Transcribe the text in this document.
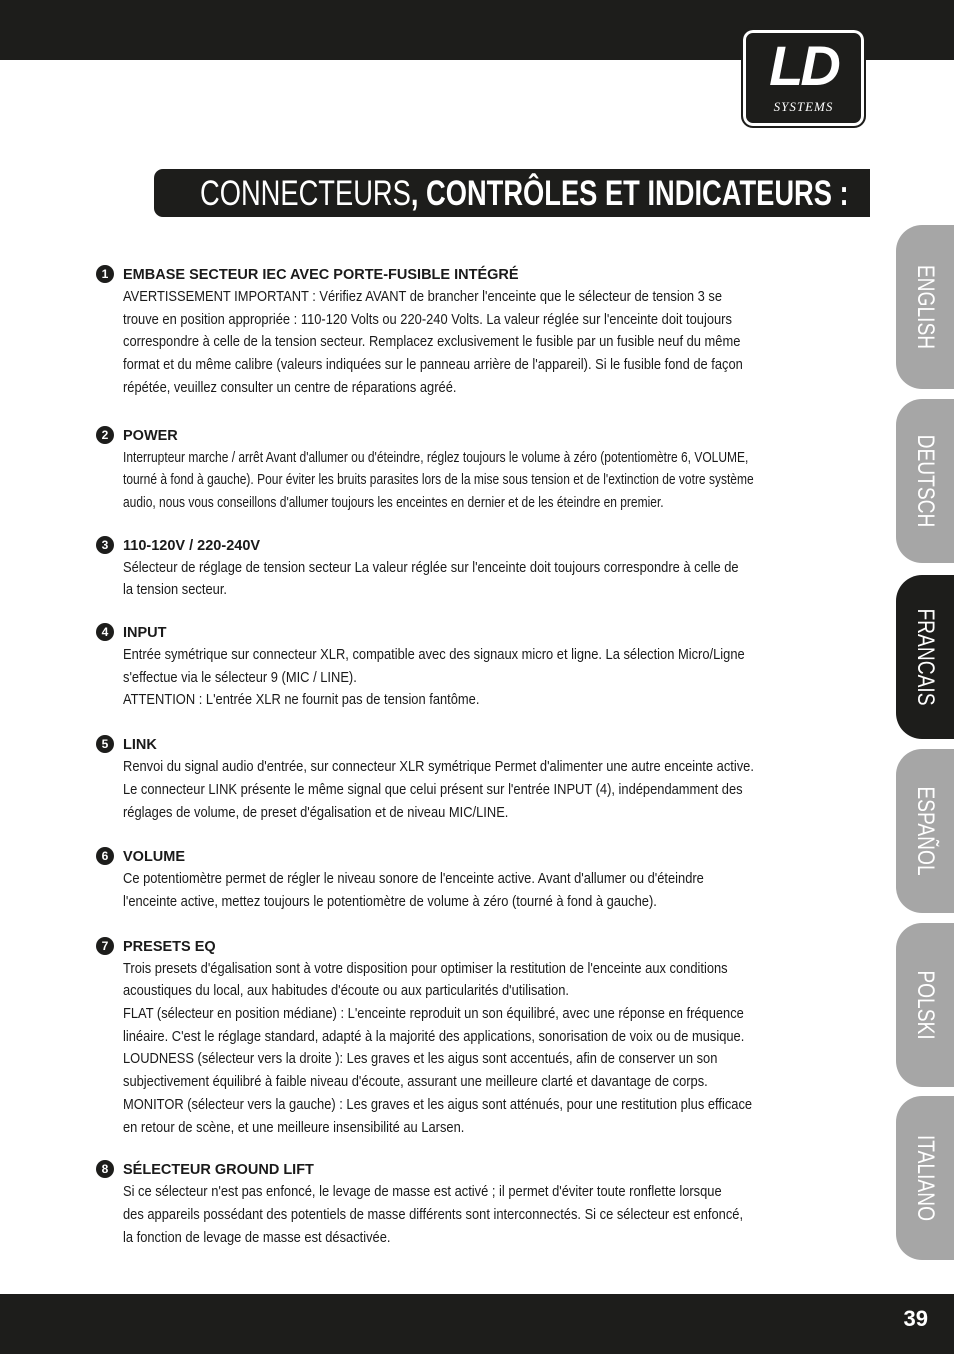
LD
SYSTEMS
CONNECTEURS, CONTRÔLES ET INDICATEURS :
ENGLISH
DEUTSCH
FRANCAIS
ESPAÑOL
POLSKI
ITALIANO
1	EMBASE SECTEUR IEC AVEC PORTE-FUSIBLE INTÉGRÉ
AVERTISSEMENT IMPORTANT : Vérifiez AVANT de brancher l'enceinte que le sélecteur de tension 3 se
trouve en position appropriée : 110-120 Volts ou 220-240 Volts. La valeur réglée sur l'enceinte doit toujours
correspondre à celle de la tension secteur. Remplacez exclusivement le fusible par un fusible neuf du même
format et du même calibre (valeurs indiquées sur le panneau arrière de l'appareil). Si le fusible fond de façon
répétée, veuillez consulter un centre de réparations agréé.
2	POWER
Interrupteur marche / arrêt Avant d'allumer ou d'éteindre, réglez toujours le volume à zéro (potentiomètre 6, VOLUME,
tourné à fond à gauche). Pour éviter les bruits parasites lors de la mise sous tension et de l'extinction de votre système
audio, nous vous conseillons d'allumer toujours les enceintes en dernier et de les éteindre en premier.
3	110-120V / 220-240V
Sélecteur de réglage de tension secteur La valeur réglée sur l'enceinte doit toujours correspondre à celle de
la tension secteur.
4	INPUT
Entrée symétrique sur connecteur XLR, compatible avec des signaux micro et ligne. La sélection Micro/Ligne
s'effectue via le sélecteur 9 (MIC / LINE).
ATTENTION : L'entrée XLR ne fournit pas de tension fantôme.
5	LINK
Renvoi du signal audio d'entrée, sur connecteur XLR symétrique Permet d'alimenter une autre enceinte active.
Le connecteur LINK présente le même signal que celui présent sur l'entrée INPUT (4), indépendamment des
réglages de volume, de preset d'égalisation et de niveau MIC/LINE.
6	VOLUME
Ce potentiomètre permet de régler le niveau sonore de l'enceinte active. Avant d'allumer ou d'éteindre
l'enceinte active, mettez toujours le potentiomètre de volume à zéro (tourné à fond à gauche).
7	PRESETS EQ
Trois presets d'égalisation sont à votre disposition pour optimiser la restitution de l'enceinte aux conditions
acoustiques du local, aux habitudes d'écoute ou aux particularités d'utilisation.
FLAT (sélecteur en position médiane) : L'enceinte reproduit un son équilibré, avec une réponse en fréquence
linéaire. C'est le réglage standard, adapté à la majorité des applications, sonorisation de voix ou de musique.
LOUDNESS (sélecteur vers la droite ): Les graves et les aigus sont accentués, afin de conserver un son
subjectivement équilibré à faible niveau d'écoute, assurant une meilleure clarté et davantage de corps.
MONITOR (sélecteur vers la gauche) : Les graves et les aigus sont atténués, pour une restitution plus efficace
en retour de scène, et une meilleure insensibilité au Larsen.
8	SÉLECTEUR GROUND LIFT
Si ce sélecteur n'est pas enfoncé, le levage de masse est activé ; il permet d'éviter toute ronflette lorsque
des appareils possédant des potentiels de masse différents sont interconnectés. Si ce sélecteur est enfoncé,
la fonction de levage de masse est désactivée.
39
